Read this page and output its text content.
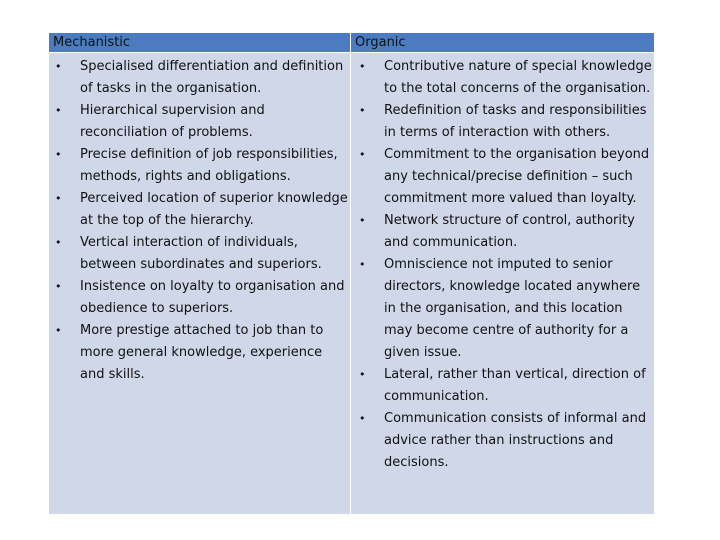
Mechanistic	Organic
• Specialised differentiation and definition of tasks in the organisation.
• Hierarchical supervision and reconciliation of problems.
• Precise definition of job responsibilities, methods, rights and obligations.
• Perceived location of superior knowledge at the top of the hierarchy.
• Vertical interaction of individuals, between subordinates and superiors.
• Insistence on loyalty to organisation and obedience to superiors.
• More prestige attached to job than to more general knowledge, experience and skills.
• Contributive nature of special knowledge to the total concerns of the organisation.
• Redefinition of tasks and responsibilities in terms of interaction with others.
• Commitment to the organisation beyond any technical/precise definition – such commitment more valued than loyalty.
• Network structure of control, authority and communication.
• Omniscience not imputed to senior directors, knowledge located anywhere in the organisation, and this location may become centre of authority for a given issue.
• Lateral, rather than vertical, direction of communication.
• Communication consists of informal and advice rather than instructions and decisions.
